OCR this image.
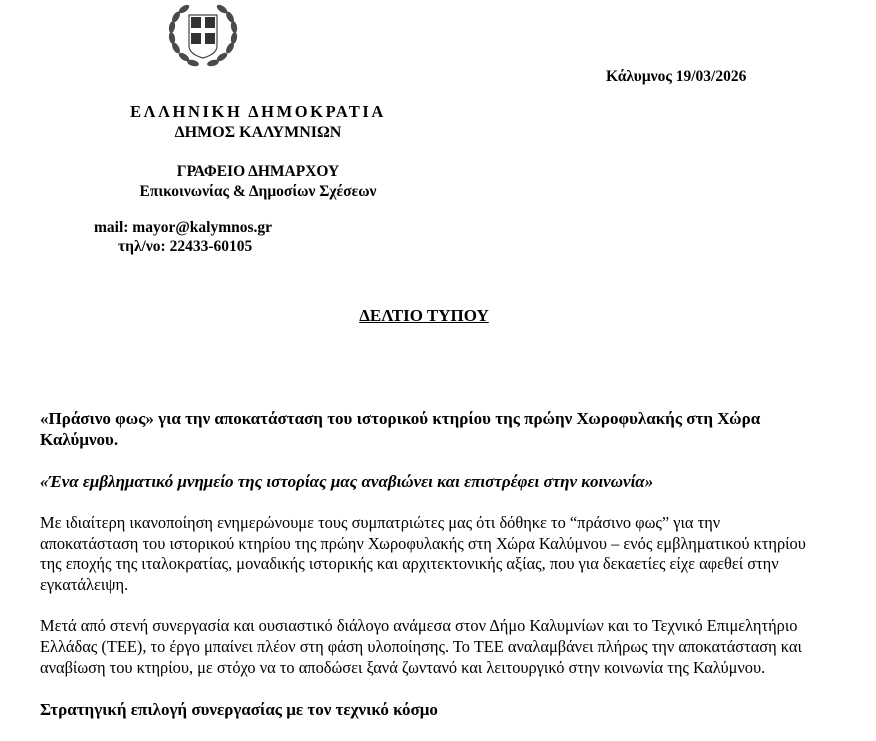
Κάλυμνος 19/03/2026
ΕΛΛΗΝΙΚΗ ΔΗΜΟΚΡΑΤΙΑ
ΔΗΜΟΣ ΚΑΛΥΜΝΙΩΝ
ΓΡΑΦΕΙΟ ΔΗΜΑΡΧΟΥ
Επικοινωνίας & Δημοσίων Σχέσεων
mail: mayor@kalymnos.gr
τηλ/νο: 22433-60105
ΔΕΛΤΙΟ ΤΥΠΟΥ

«Πράσινο φως» για την αποκατάσταση του ιστορικού κτηρίου της πρώην Χωροφυλακής στη Χώρα Καλύμνου.

«Ένα εμβληματικό μνημείο της ιστορίας μας αναβιώνει και επιστρέφει στην κοινωνία»

Με ιδιαίτερη ικανοποίηση ενημερώνουμε τους συμπατριώτες μας ότι δόθηκε το “πράσινο φως” για την αποκατάσταση του ιστορικού κτηρίου της πρώην Χωροφυλακής στη Χώρα Καλύμνου – ενός εμβληματικού κτηρίου της εποχής της ιταλοκρατίας, μοναδικής ιστορικής και αρχιτεκτονικής αξίας, που για δεκαετίες είχε αφεθεί στην εγκατάλειψη.

Μετά από στενή συνεργασία και ουσιαστικό διάλογο ανάμεσα στον Δήμο Καλυμνίων και το Τεχνικό Επιμελητήριο Ελλάδας (ΤΕΕ), το έργο μπαίνει πλέον στη φάση υλοποίησης. Το ΤΕΕ αναλαμβάνει πλήρως την αποκατάσταση και αναβίωση του κτηρίου, με στόχο να το αποδώσει ξανά ζωντανό και λειτουργικό στην κοινωνία της Καλύμνου.

Στρατηγική επιλογή συνεργασίας με τον τεχνικό κόσμο
